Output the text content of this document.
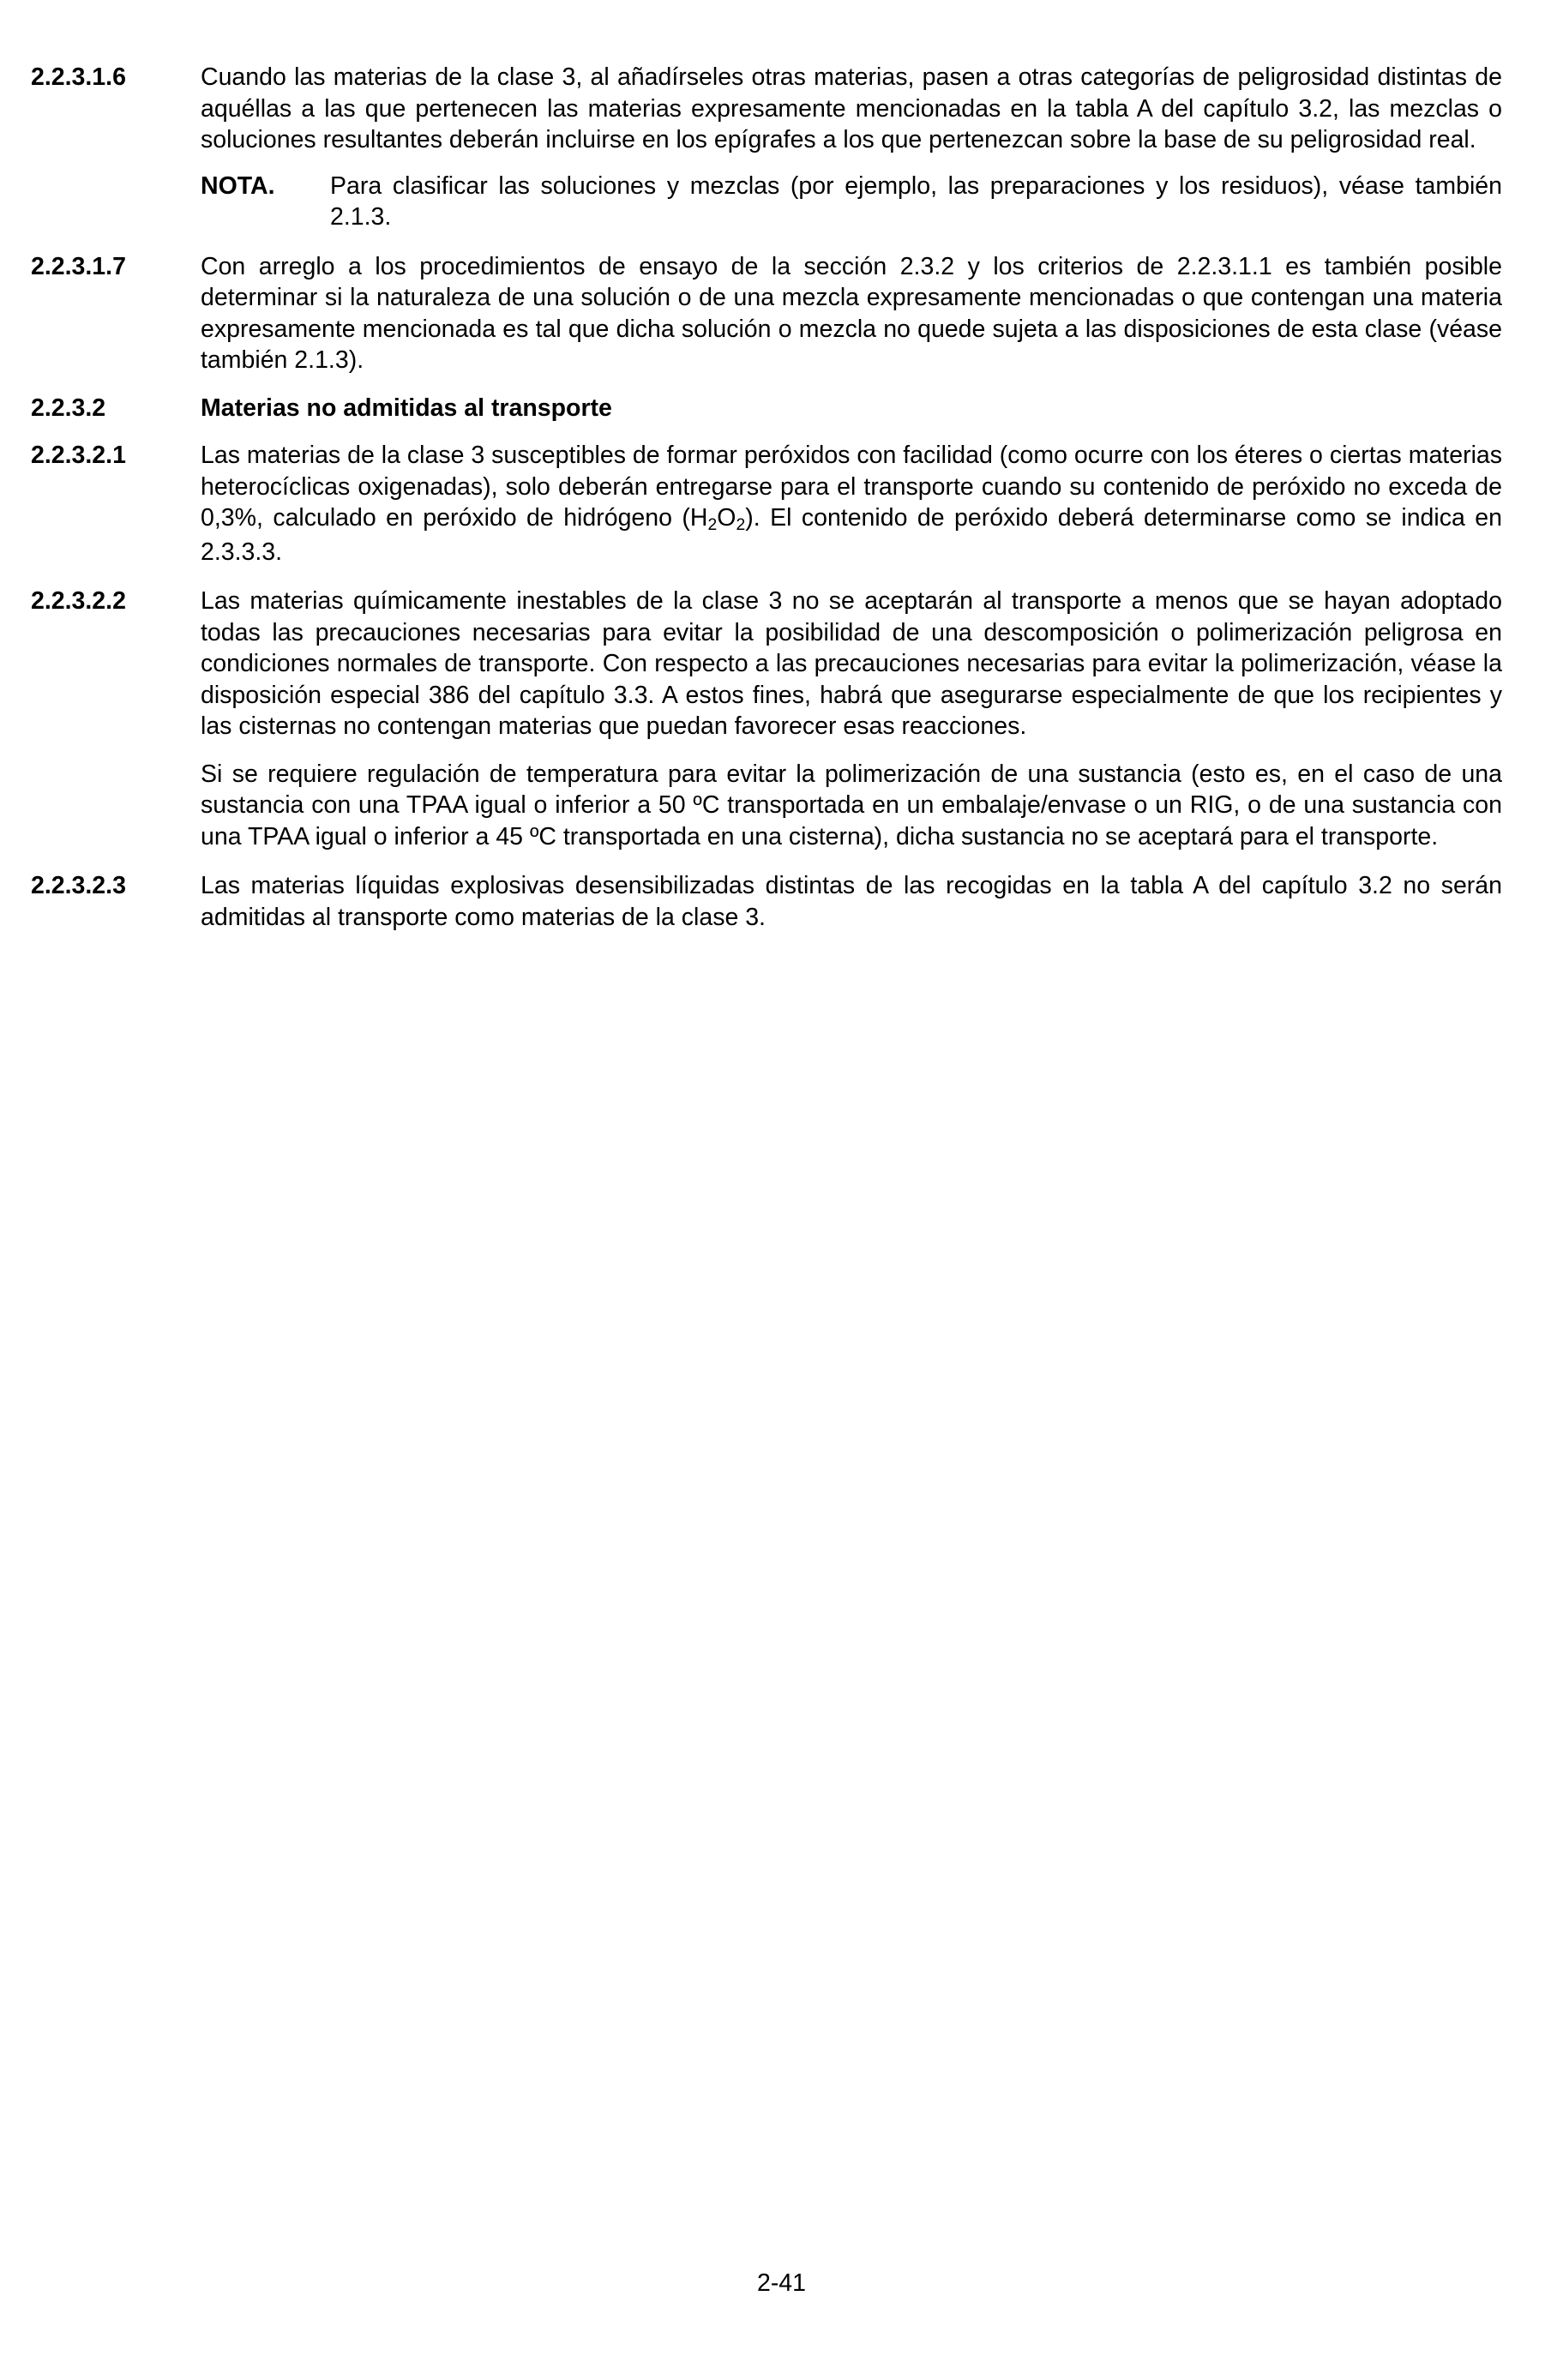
2.2.3.1.6	Cuando las materias de la clase 3, al añadírseles otras materias, pasen a otras categorías de peligrosidad distintas de aquéllas a las que pertenecen las materias expresamente mencionadas en la tabla A del capítulo 3.2, las mezclas o soluciones resultantes deberán incluirse en los epígrafes a los que pertenezcan sobre la base de su peligrosidad real.

NOTA.	Para clasificar las soluciones y mezclas (por ejemplo, las preparaciones y los residuos), véase también 2.1.3.
2.2.3.1.7	Con arreglo a los procedimientos de ensayo de la sección 2.3.2 y los criterios de 2.2.3.1.1 es también posible determinar si la naturaleza de una solución o de una mezcla expresamente mencionadas o que contengan una materia expresamente mencionada es tal que dicha solución o mezcla no quede sujeta a las disposiciones de esta clase (véase también 2.1.3).

2.2.3.2	Materias no admitidas al transporte
2.2.3.2.1	Las materias de la clase 3 susceptibles de formar peróxidos con facilidad (como ocurre con los éteres o ciertas materias heterocíclicas oxigenadas), solo deberán entregarse para el transporte cuando su contenido de peróxido no exceda de 0,3%, calculado en peróxido de hidrógeno (H2O2). El contenido de peróxido deberá determinarse como se indica en 2.3.3.3.

2.2.3.2.2	Las materias químicamente inestables de la clase 3 no se aceptarán al transporte a menos que se hayan adoptado todas las precauciones necesarias para evitar la posibilidad de una descomposición o polimerización peligrosa en condiciones normales de transporte. Con respecto a las precauciones necesarias para evitar la polimerización, véase la disposición especial 386 del capítulo 3.3. A estos fines, habrá que asegurarse especialmente de que los recipientes y las cisternas no contengan materias que puedan favorecer esas reacciones.

Si se requiere regulación de temperatura para evitar la polimerización de una sustancia (esto es, en el caso de una sustancia con una TPAA igual o inferior a 50 ºC transportada en un embalaje/envase o un RIG, o de una sustancia con una TPAA igual o inferior a 45 ºC transportada en una cisterna), dicha sustancia no se aceptará para el transporte.

2.2.3.2.3	Las materias líquidas explosivas desensibilizadas distintas de las recogidas en la tabla A del capítulo 3.2 no serán admitidas al transporte como materias de la clase 3.

2-41
